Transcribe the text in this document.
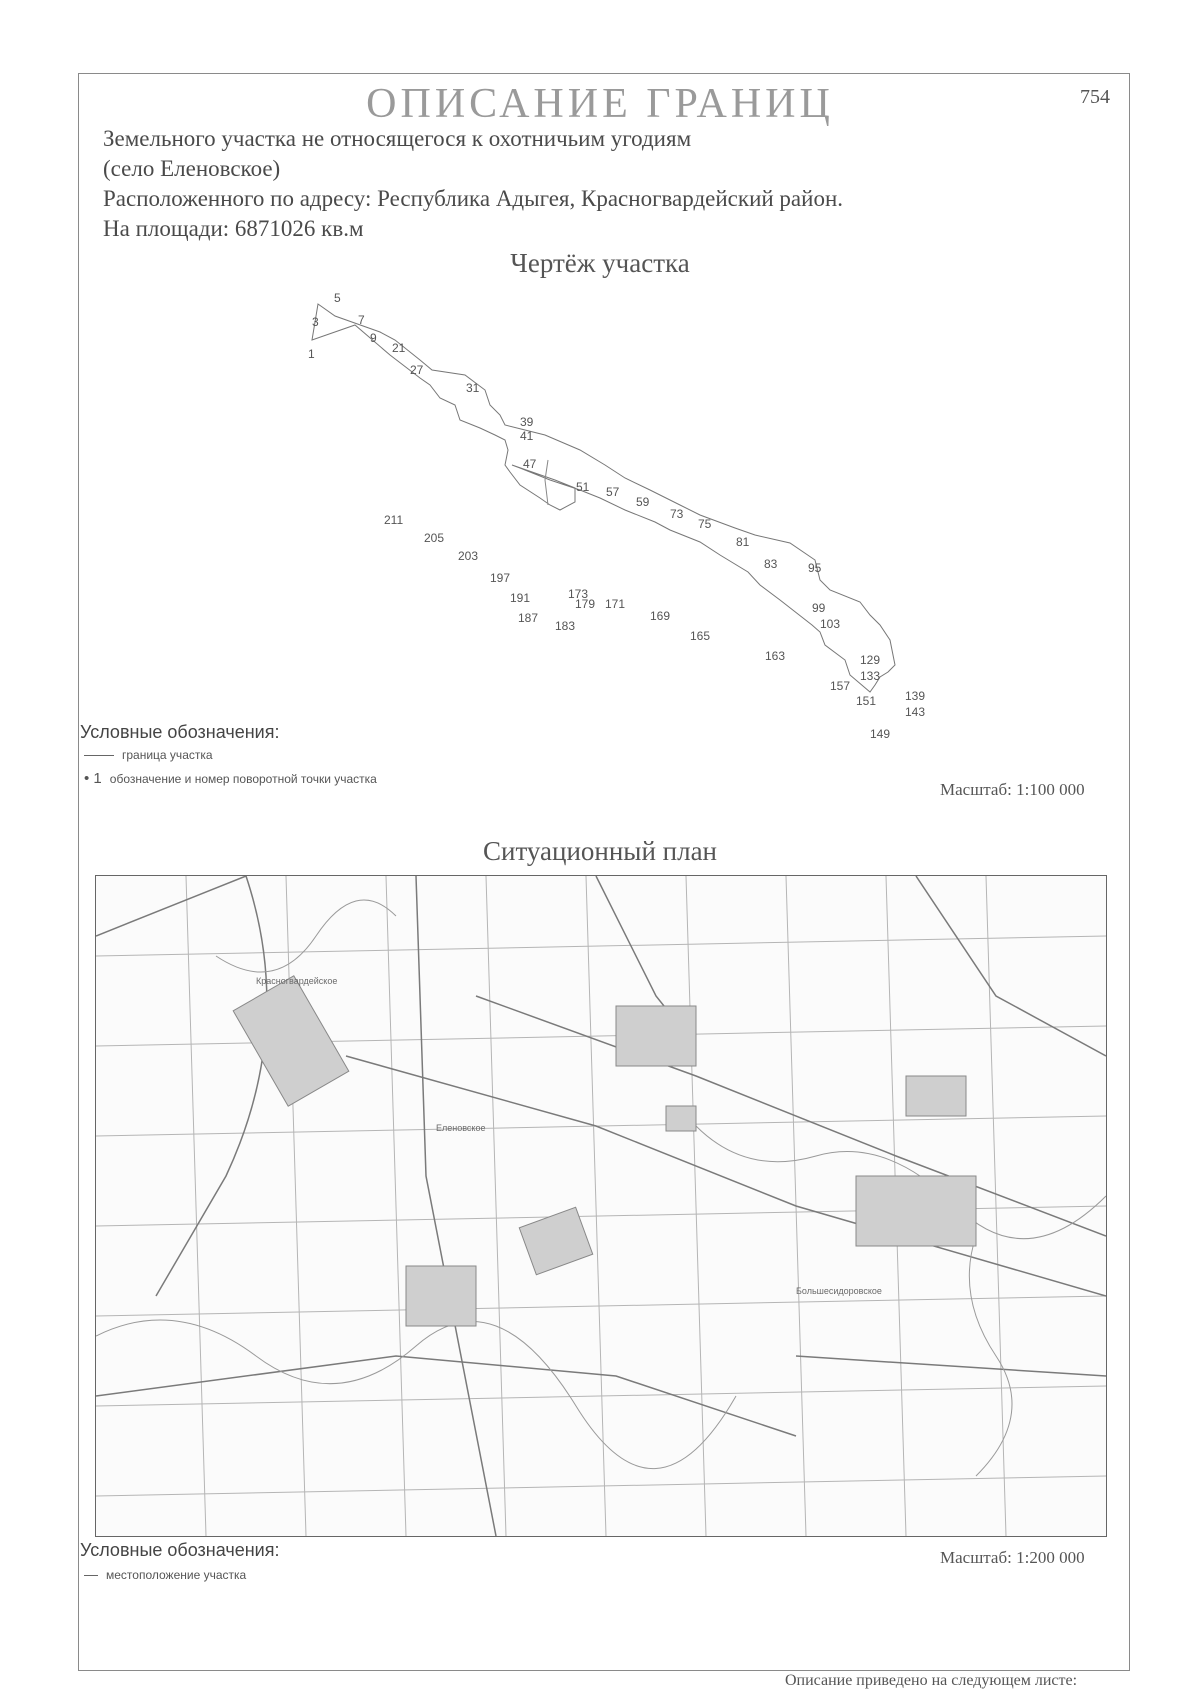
ОПИСАНИЕ ГРАНИЦ	754
Земельного участка не относящегося к охотничьим угодиям
(село Еленовское)
Расположенного по адресу: Республика Адыгея, Красногвардейский район.
На площади: 6871026 кв.м
Чертёж участка
1
3
5
7
9
21
27
31
39
41
47
51 57
59
73
75
81
83	95
99
103
129
133
139
143
149
151
157
163
165
169
171
173
179
183
187
191
197
203
205
211
Условные обозначения:
граница участка
• 1 обозначение и номер поворотной точки участка
Масштаб: 1:100 000
Ситуационный план
Красногвардейское
Еленовское
Большесидоровское
Условные обозначения:
местоположение участка
Масштаб: 1:200 000
Описание приведено на следующем листе:
